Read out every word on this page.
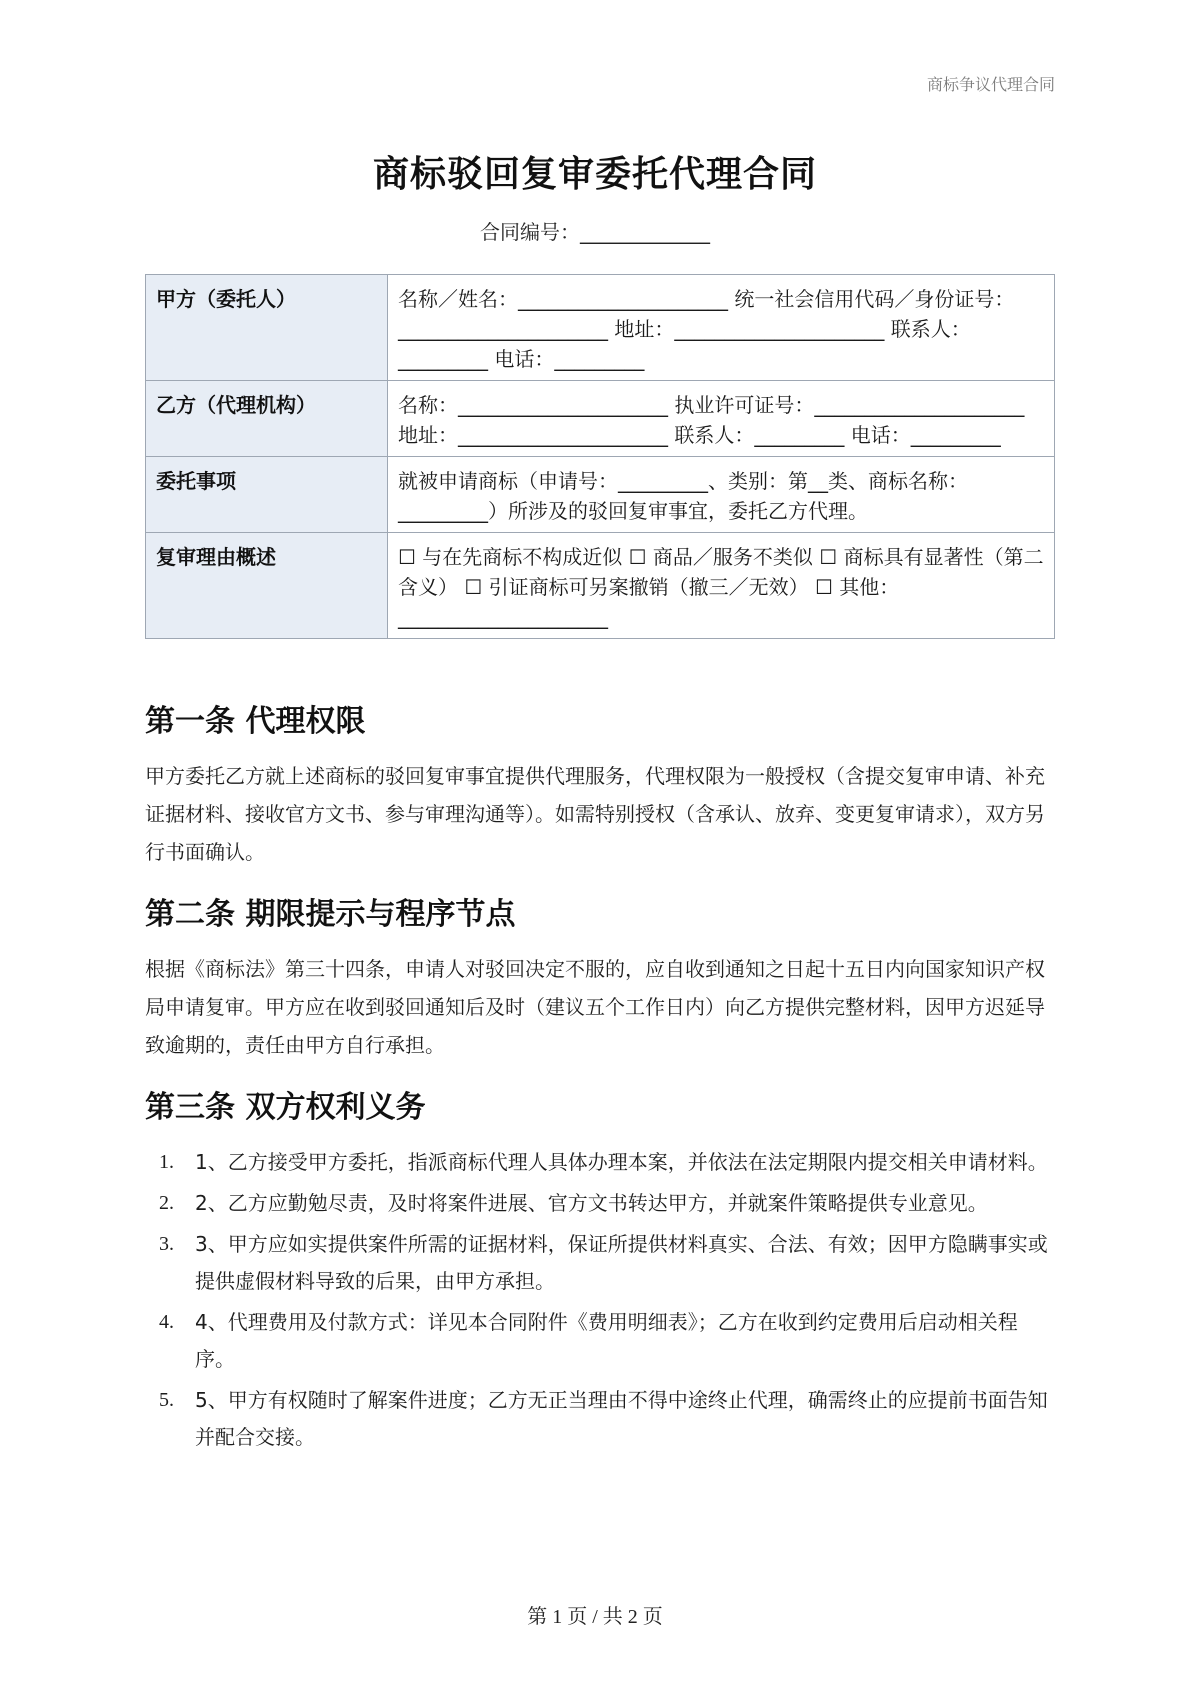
商标争议代理合同
商标驳回复审委托代理合同
合同编号：_____________
甲方（委托人）	名称／姓名：_____________________ 统一社会信用代码／身份证号：_____________________ 地址：_____________________ 联系人：_________ 电话：_________
乙方（代理机构）	名称：_____________________ 执业许可证号：_____________________ 地址：_____________________ 联系人：_________ 电话：_________
委托事项	就被申请商标（申请号：_________、类别：第__类、商标名称：_________）所涉及的驳回复审事宜，委托乙方代理。
复审理由概述	☐ 与在先商标不构成近似 ☐ 商品／服务不类似 ☐ 商标具有显著性（第二含义） ☐ 引证商标可另案撤销（撤三／无效） ☐ 其他：_____________________
第一条 代理权限

甲方委托乙方就上述商标的驳回复审事宜提供代理服务，代理权限为一般授权（含提交复审申请、补充证据材料、接收官方文书、参与审理沟通等）。如需特别授权（含承认、放弃、变更复审请求），双方另行书面确认。

第二条 期限提示与程序节点

根据《商标法》第三十四条，申请人对驳回决定不服的，应自收到通知之日起十五日内向国家知识产权局申请复审。甲方应在收到驳回通知后及时（建议五个工作日内）向乙方提供完整材料，因甲方迟延导致逾期的，责任由甲方自行承担。

第三条 双方权利义务
1. 1、乙方接受甲方委托，指派商标代理人具体办理本案，并依法在法定期限内提交相关申请材料。
2. 2、乙方应勤勉尽责，及时将案件进展、官方文书转达甲方，并就案件策略提供专业意见。
3. 3、甲方应如实提供案件所需的证据材料，保证所提供材料真实、合法、有效；因甲方隐瞒事实或提供虚假材料导致的后果，由甲方承担。
4. 4、代理费用及付款方式：详见本合同附件《费用明细表》；乙方在收到约定费用后启动相关程序。
5. 5、甲方有权随时了解案件进度；乙方无正当理由不得中途终止代理，确需终止的应提前书面告知并配合交接。
第 1 页 / 共 2 页
